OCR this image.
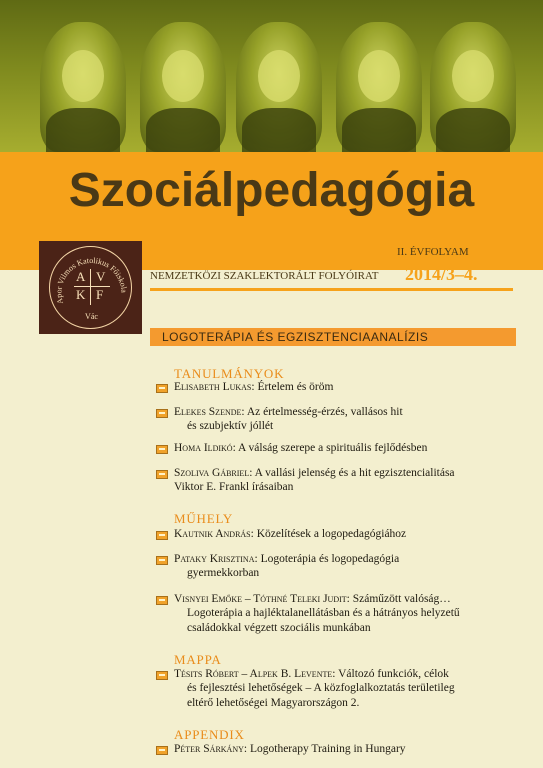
Szociálpedagógia
Apor Vilmos Katolikus Főiskola
A V
K F
Vác
II. ÉVFOLYAM
NEMZETKÖZI SZAKLEKTORÁLT FOLYÓIRAT 2014/3–4.
LOGOTERÁPIA ÉS EGZISZTENCIAANALÍZIS
TANULMÁNYOK
Elisabeth Lukas: Értelem és öröm
Elekes Szende: Az értelmesség-érzés, vallásos hit
és szubjektív jóllét
Homa Ildikó: A válság szerepe a spirituális fejlődésben
Szoliva Gábriel: A vallási jelenség és a hit egzisztencialitása
Viktor E. Frankl írásaiban
MŰHELY
Kautnik András: Közelítések a logopedagógiához
Pataky Krisztina: Logoterápia és logopedagógia
gyermekkorban
Visnyei Emőke – Tóthné Teleki Judit: Száműzött valóság…
Logoterápia a hajléktalanellátásban és a hátrányos helyzetű
családokkal végzett szociális munkában
MAPPA
Tésits Róbert – Alpek B. Levente: Változó funkciók, célok
és fejlesztési lehetőségek – A közfoglalkoztatás területileg
eltérő lehetőségei Magyarországon 2.
APPENDIX
Péter Sárkány: Logotherapy Training in Hungary
